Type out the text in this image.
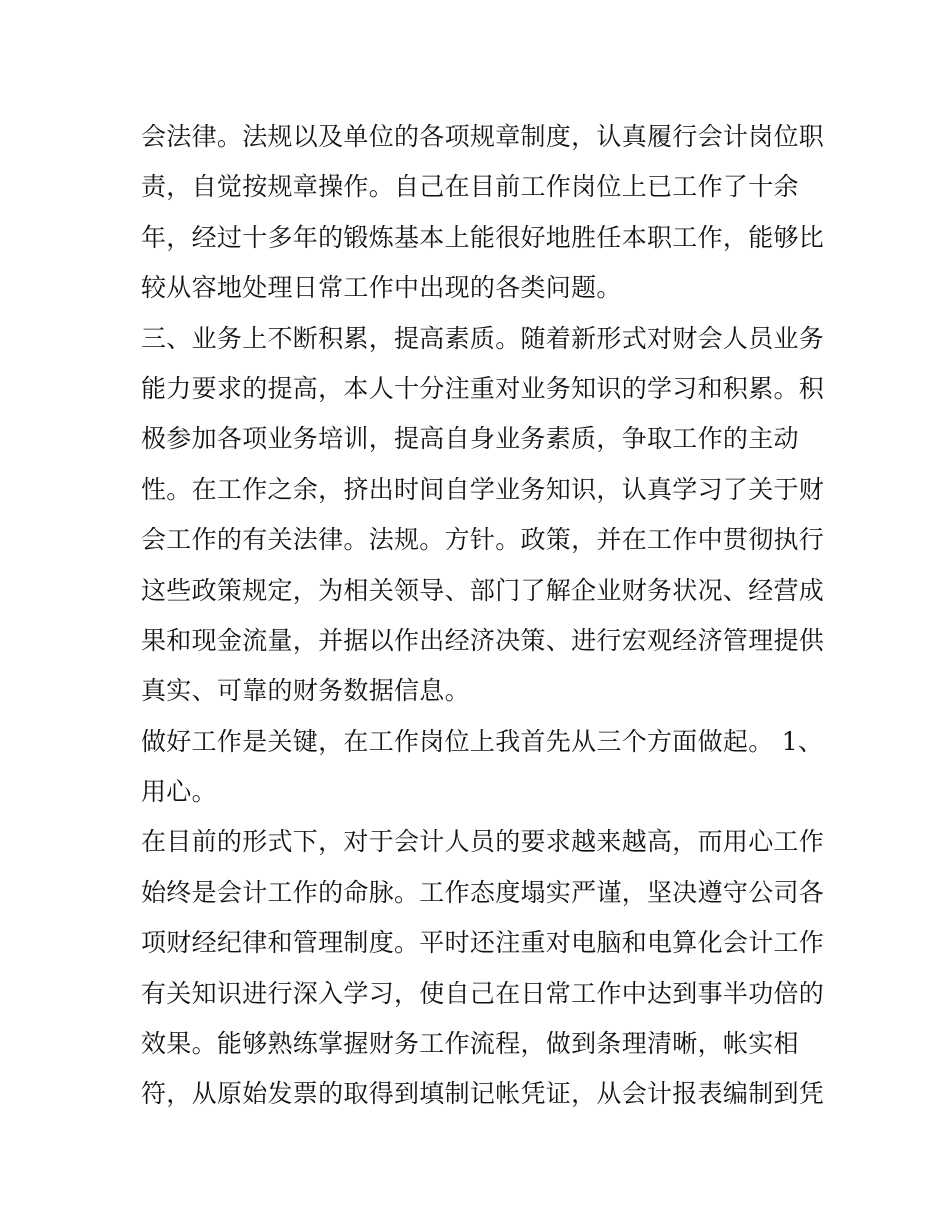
会法律。法规以及单位的各项规章制度，认真履行会计岗位职
责，自觉按规章操作。自己在目前工作岗位上已工作了十余
年，经过十多年的锻炼基本上能很好地胜任本职工作，能够比
较从容地处理日常工作中出现的各类问题。
三、业务上不断积累，提高素质。随着新形式对财会人员业务
能力要求的提高，本人十分注重对业务知识的学习和积累。积
极参加各项业务培训，提高自身业务素质，争取工作的主动
性。在工作之余，挤出时间自学业务知识，认真学习了关于财
会工作的有关法律。法规。方针。政策，并在工作中贯彻执行
这些政策规定，为相关领导、部门了解企业财务状况、经营成
果和现金流量，并据以作出经济决策、进行宏观经济管理提供
真实、可靠的财务数据信息。
做好工作是关键，在工作岗位上我首先从三个方面做起。 1、
用心。
在目前的形式下，对于会计人员的要求越来越高，而用心工作
始终是会计工作的命脉。工作态度塌实严谨，坚决遵守公司各
项财经纪律和管理制度。平时还注重对电脑和电算化会计工作
有关知识进行深入学习，使自己在日常工作中达到事半功倍的
效果。能够熟练掌握财务工作流程，做到条理清晰，帐实相
符，从原始发票的取得到填制记帐凭证，从会计报表编制到凭
